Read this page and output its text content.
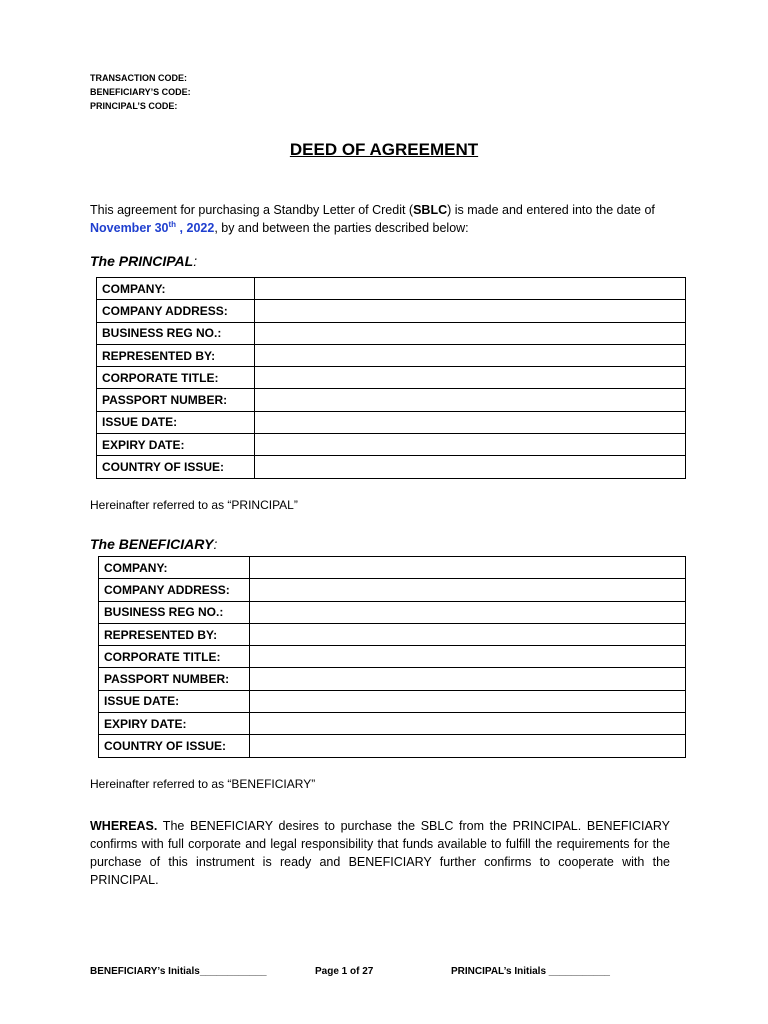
TRANSACTION CODE:
BENEFICIARY’S CODE:
PRINCIPAL’S CODE:
DEED OF AGREEMENT

This agreement for purchasing a Standby Letter of Credit (SBLC) is made and entered into the date of November 30th , 2022, by and between the parties described below:

The PRINCIPAL:
COMPANY:	
COMPANY ADDRESS:	
BUSINESS REG NO.:	
REPRESENTED BY:	
CORPORATE TITLE:	
PASSPORT NUMBER:	
ISSUE DATE:	
EXPIRY DATE:	
COUNTRY OF ISSUE:	
Hereinafter referred to as “PRINCIPAL”
The BENEFICIARY:
COMPANY:	
COMPANY ADDRESS:	
BUSINESS REG NO.:	
REPRESENTED BY:	
CORPORATE TITLE:	
PASSPORT NUMBER:	
ISSUE DATE:	
EXPIRY DATE:	
COUNTRY OF ISSUE:	
Hereinafter referred to as “BENEFICIARY”

WHEREAS. The BENEFICIARY desires to purchase the SBLC from the PRINCIPAL. BENEFICIARY confirms with full corporate and legal responsibility that funds available to fulfill the requirements for the purchase of this instrument is ready and BENEFICIARY further confirms to cooperate with the PRINCIPAL.

BENEFICIARY’s Initials____________	Page 1 of 27	PRINCIPAL’s Initials ___________
